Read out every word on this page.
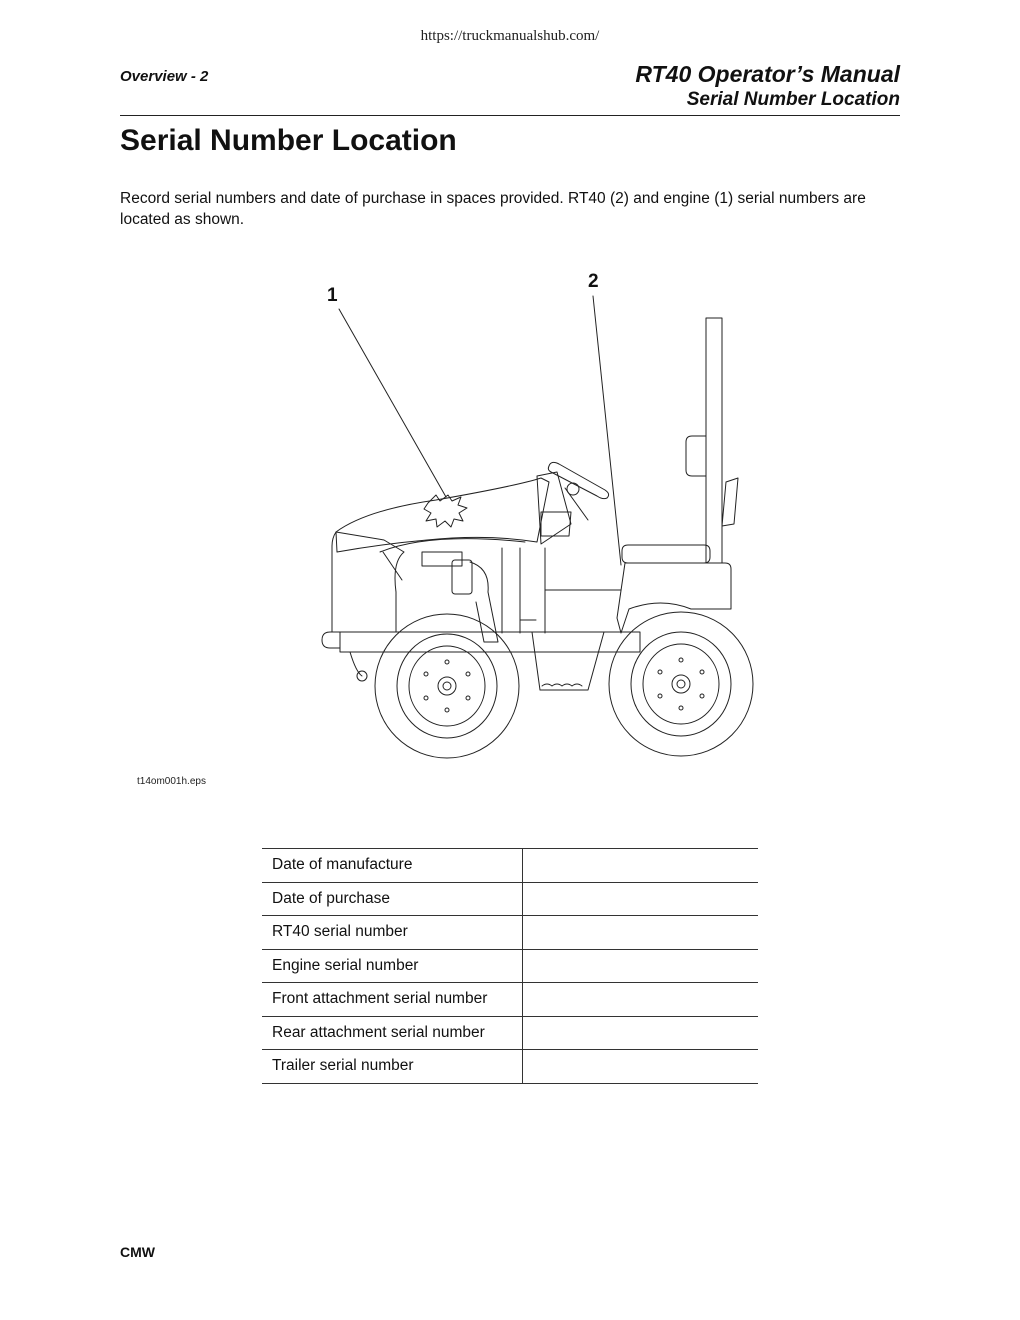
https://truckmanualshub.com/
Overview - 2	RT40 Operator’s Manual
Serial Number Location
Serial Number Location

Record serial numbers and date of purchase in spaces provided. RT40 (2) and engine (1) serial numbers are located as shown.

1
2
t14om001h.eps
Date of manufacture	
Date of purchase	
RT40 serial number	
Engine serial number	
Front attachment serial number	
Rear attachment serial number	
Trailer serial number	
CMW
